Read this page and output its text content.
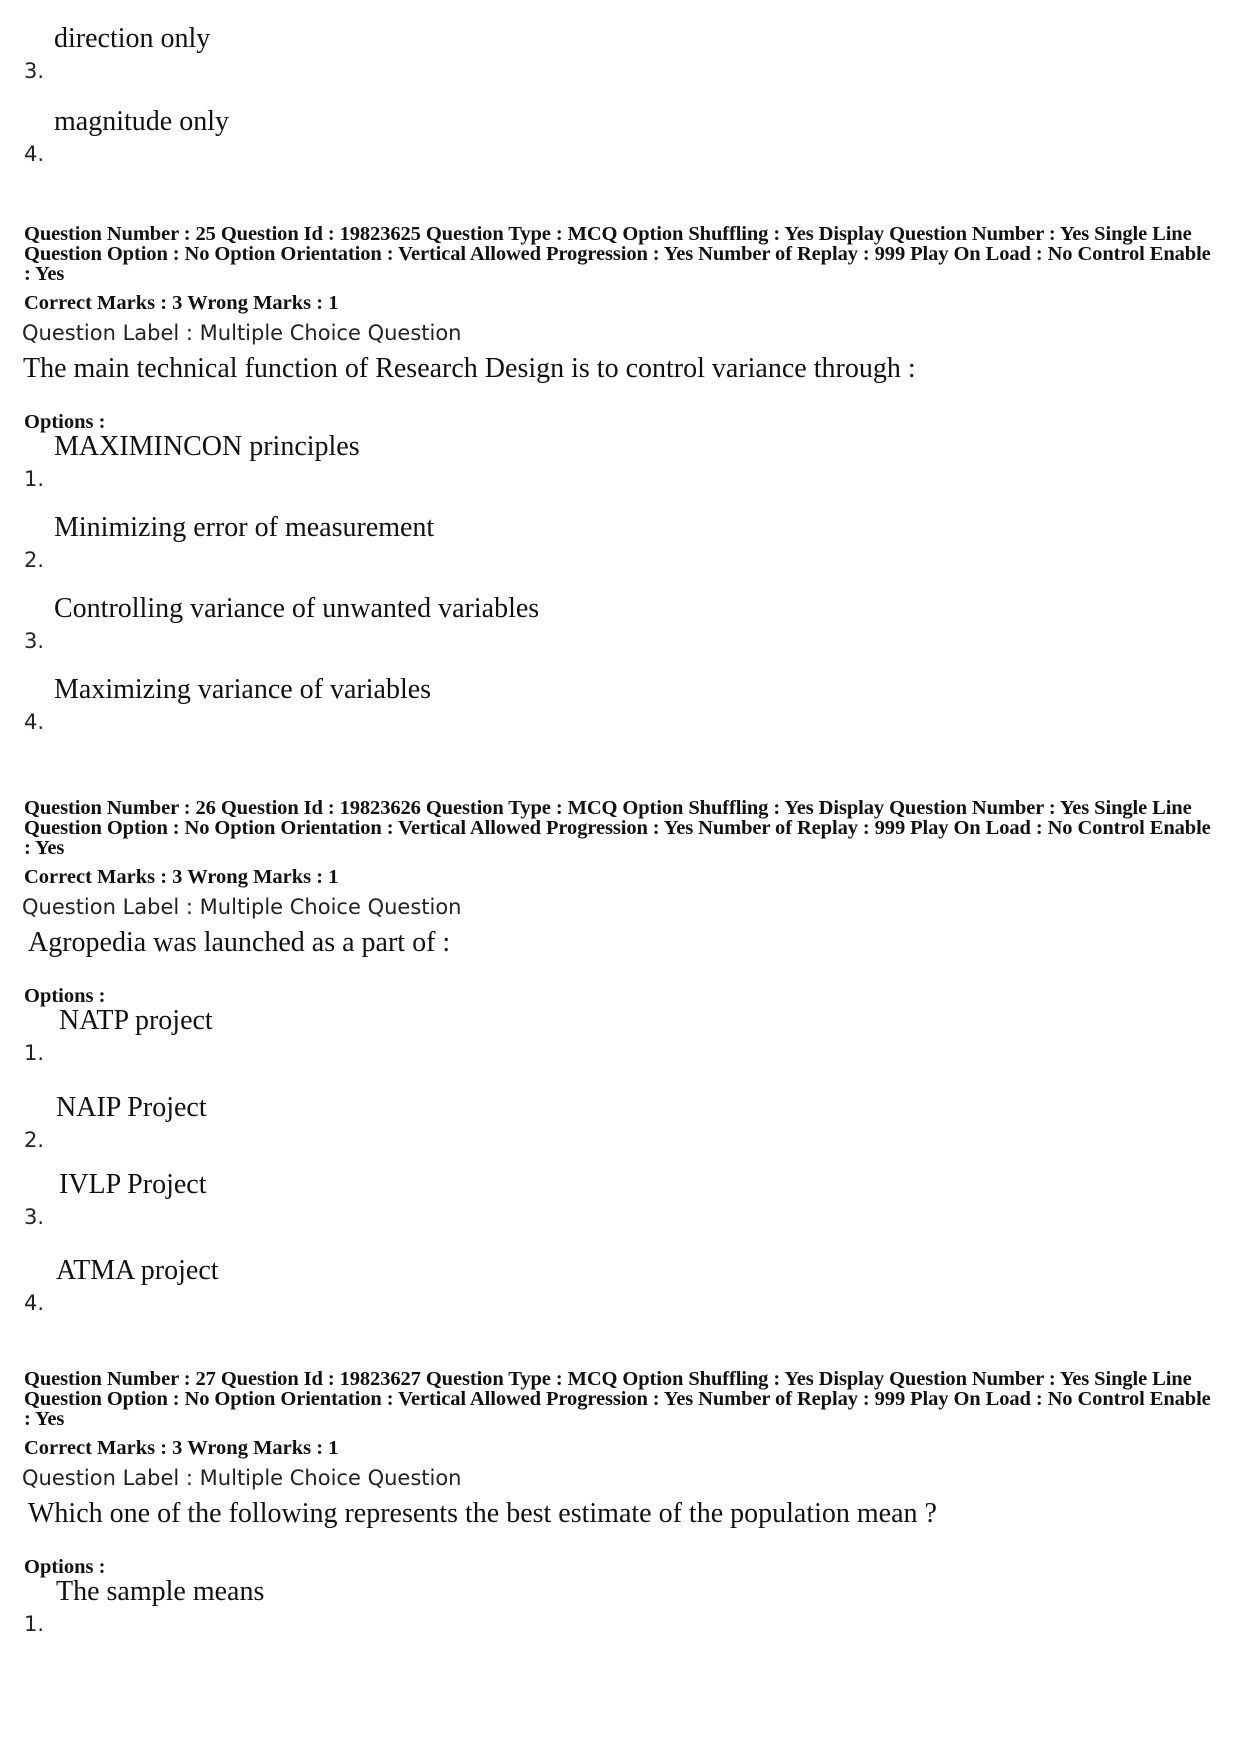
3.
direction only
4.
magnitude only

Question Number : 25 Question Id : 19823625 Question Type : MCQ Option Shuffling : Yes Display Question Number : Yes Single Line Question Option : No Option Orientation : Vertical Allowed Progression : Yes Number of Replay : 999 Play On Load : No Control Enable : Yes

Correct Marks : 3 Wrong Marks : 1
Question Label : Multiple Choice Question
The main technical function of Research Design is to control variance through :
Options :
1.
MAXIMINCON principles
2.
Minimizing error of measurement
3.
Controlling variance of unwanted variables
4.
Maximizing variance of variables

Question Number : 26 Question Id : 19823626 Question Type : MCQ Option Shuffling : Yes Display Question Number : Yes Single Line Question Option : No Option Orientation : Vertical Allowed Progression : Yes Number of Replay : 999 Play On Load : No Control Enable : Yes

Correct Marks : 3 Wrong Marks : 1
Question Label : Multiple Choice Question
Agropedia was launched as a part of :
Options :
1.
NATP project
2.
NAIP Project
3.
IVLP Project
4.
ATMA project

Question Number : 27 Question Id : 19823627 Question Type : MCQ Option Shuffling : Yes Display Question Number : Yes Single Line Question Option : No Option Orientation : Vertical Allowed Progression : Yes Number of Replay : 999 Play On Load : No Control Enable : Yes

Correct Marks : 3 Wrong Marks : 1
Question Label : Multiple Choice Question
Which one of the following represents the best estimate of the population mean ?
Options :
1.
The sample means
